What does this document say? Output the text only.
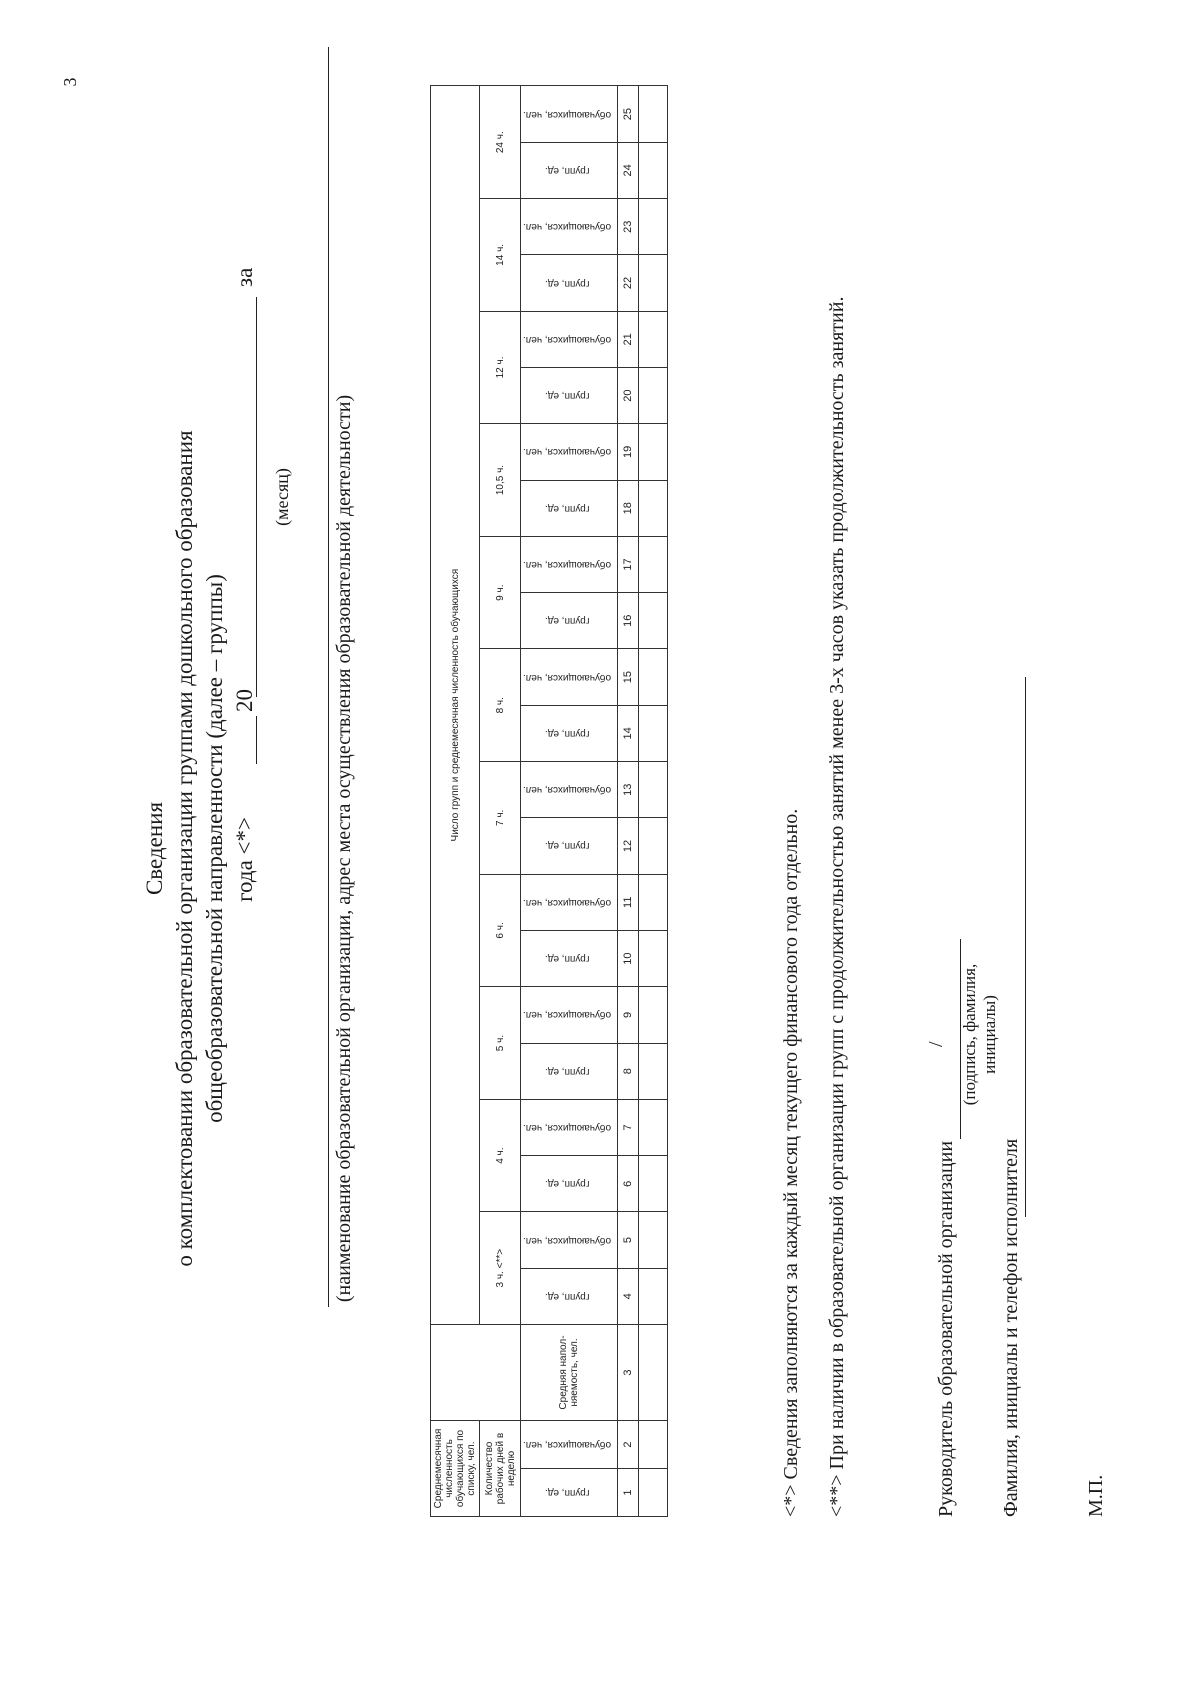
3
Сведения о комплектовании образовательной организации группами дошкольного образования общеобразовательной направленности (далее – группы)
за
20
года <*>
(месяц) (наименование образовательной организации, адрес места осуществления образовательной деятельности)
Среднемесячная численность обучающихся по списку, чел.			Число групп и среднемесячная численность обучающихся																					
Количество рабочих дней в неделю			3 ч. <**>		4 ч.		5 ч.		6 ч.		7 ч.		8 ч.		9 ч.		10,5 ч.		12 ч.		14 ч.		24 ч.	
групп, ед.	обучающихся, чел.	Средняя напол-няемость, чел.	групп, ед.	обучающихся, чел.	групп, ед.	обучающихся, чел.	групп, ед.	обучающихся, чел.	групп, ед.	обучающихся, чел.	групп, ед.	обучающихся, чел.	групп, ед.	обучающихся, чел.	групп, ед.	обучающихся, чел.	групп, ед.	обучающихся, чел.	групп, ед.	обучающихся, чел.	групп, ед.	обучающихся, чел.	групп, ед.	обучающихся, чел.
1	2	3	4	5	6	7	8	9	10	11	12	13	14	15	16	17	18	19	20	21	22	23	24	25

<*> Сведения заполняются за каждый месяц текущего финансового года отдельно. <**> При наличии в образовательной организации групп с продолжительностью занятий менее 3-х часов указать продолжительность занятий.	Руководитель образовательной организации
/ (подпись, фамилия, инициалы)
Фамилия, инициалы и телефон исполнителя	М.П.
